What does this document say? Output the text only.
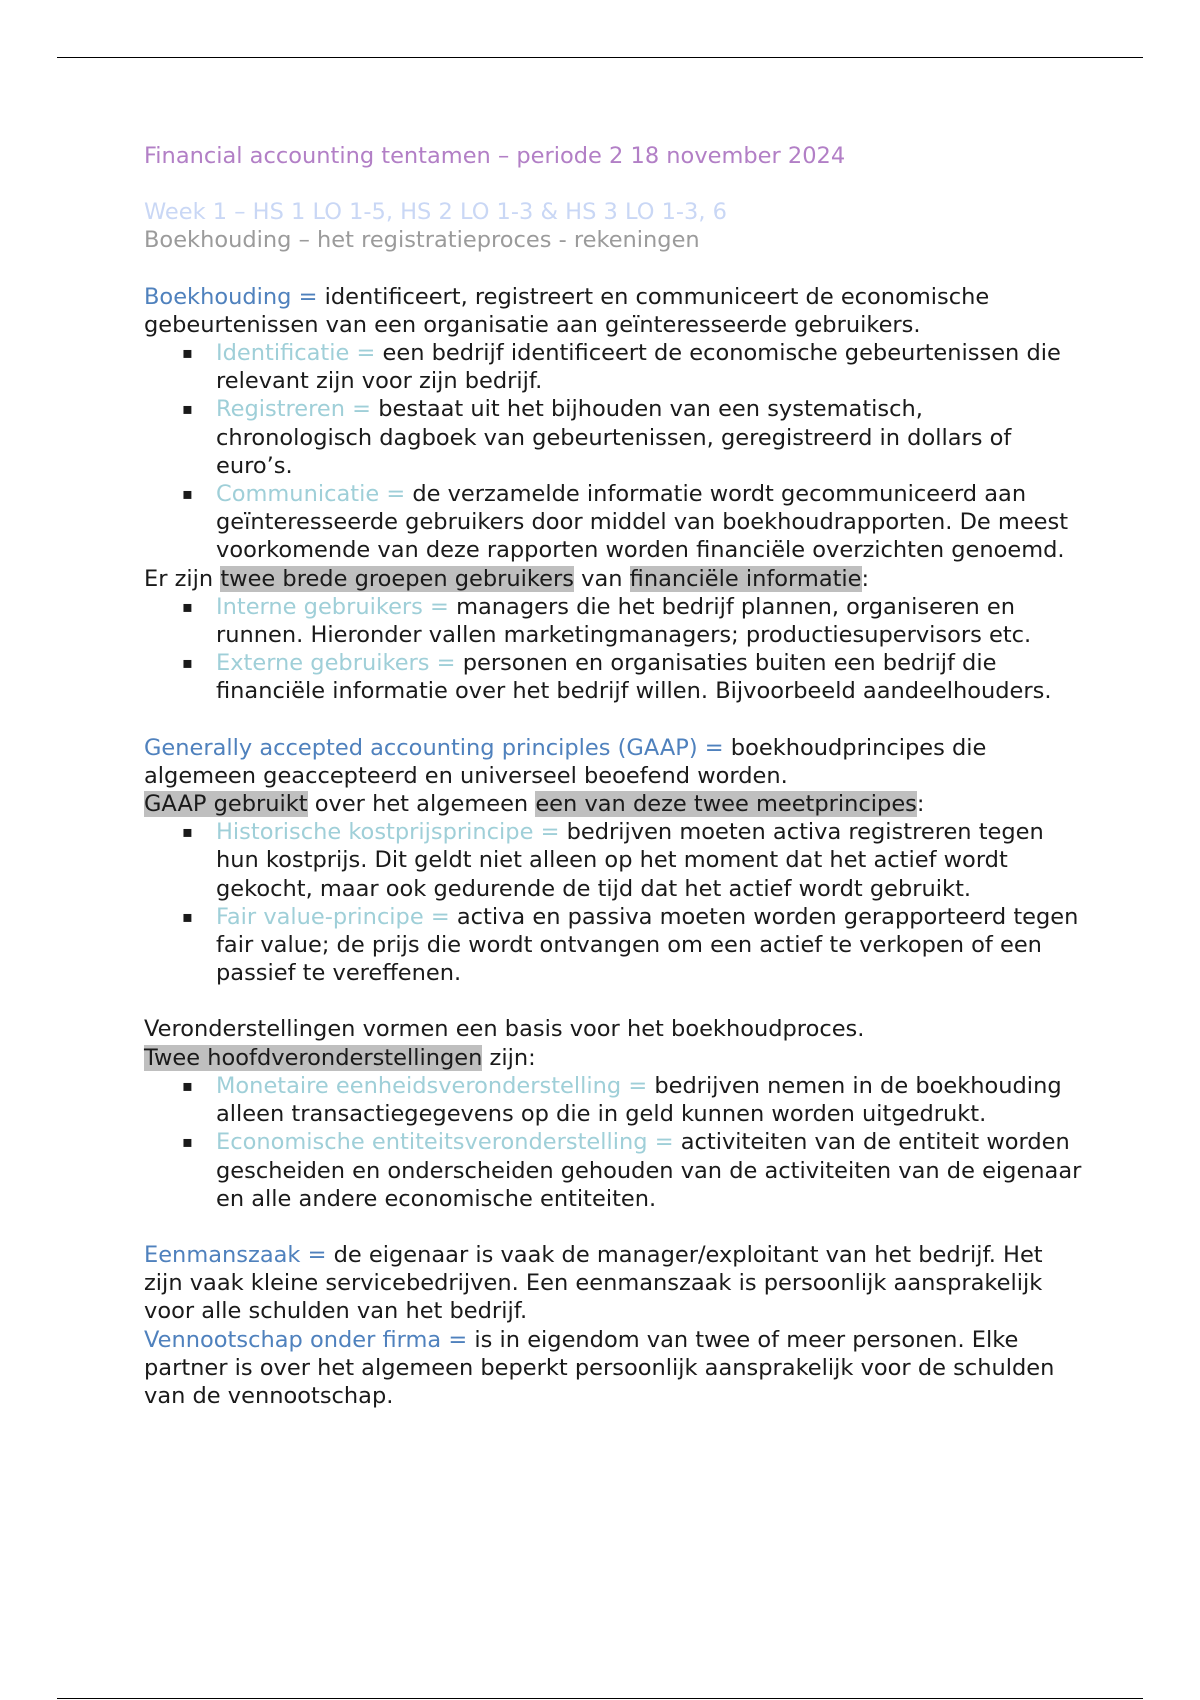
Financial accounting tentamen – periode 2 18 november 2024

Week 1 – HS 1 LO 1-5, HS 2 LO 1-3 & HS 3 LO 1-3, 6

Boekhouding – het registratieproces - rekeningen

Boekhouding = identificeert, registreert en communiceert de economische gebeurtenissen van een organisatie aan geïnteresseerde gebruikers.

▪ Identificatie = een bedrijf identificeert de economische gebeurtenissen die relevant zijn voor zijn bedrijf.
▪ Registreren = bestaat uit het bijhouden van een systematisch, chronologisch dagboek van gebeurtenissen, geregistreerd in dollars of euro’s.
▪ Communicatie = de verzamelde informatie wordt gecommuniceerd aan geïnteresseerde gebruikers door middel van boekhoudrapporten. De meest voorkomende van deze rapporten worden financiële overzichten genoemd.

Er zijn twee brede groepen gebruikers van financiële informatie:

▪ Interne gebruikers = managers die het bedrijf plannen, organiseren en runnen. Hieronder vallen marketingmanagers; productiesupervisors etc.
▪ Externe gebruikers = personen en organisaties buiten een bedrijf die financiële informatie over het bedrijf willen. Bijvoorbeeld aandeelhouders.

Generally accepted accounting principles (GAAP) = boekhoudprincipes die algemeen geaccepteerd en universeel beoefend worden.

GAAP gebruikt over het algemeen een van deze twee meetprincipes:

▪ Historische kostprijsprincipe = bedrijven moeten activa registreren tegen hun kostprijs. Dit geldt niet alleen op het moment dat het actief wordt gekocht, maar ook gedurende de tijd dat het actief wordt gebruikt.
▪ Fair value-principe = activa en passiva moeten worden gerapporteerd tegen fair value; de prijs die wordt ontvangen om een actief te verkopen of een passief te vereffenen.

Veronderstellingen vormen een basis voor het boekhoudproces.

Twee hoofdveronderstellingen zijn:

▪ Monetaire eenheidsveronderstelling = bedrijven nemen in de boekhouding alleen transactiegegevens op die in geld kunnen worden uitgedrukt.
▪ Economische entiteitsveronderstelling = activiteiten van de entiteit worden gescheiden en onderscheiden gehouden van de activiteiten van de eigenaar en alle andere economische entiteiten.

Eenmanszaak = de eigenaar is vaak de manager/exploitant van het bedrijf. Het zijn vaak kleine servicebedrijven. Een eenmanszaak is persoonlijk aansprakelijk voor alle schulden van het bedrijf.

Vennootschap onder firma = is in eigendom van twee of meer personen. Elke partner is over het algemeen beperkt persoonlijk aansprakelijk voor de schulden van de vennootschap.
